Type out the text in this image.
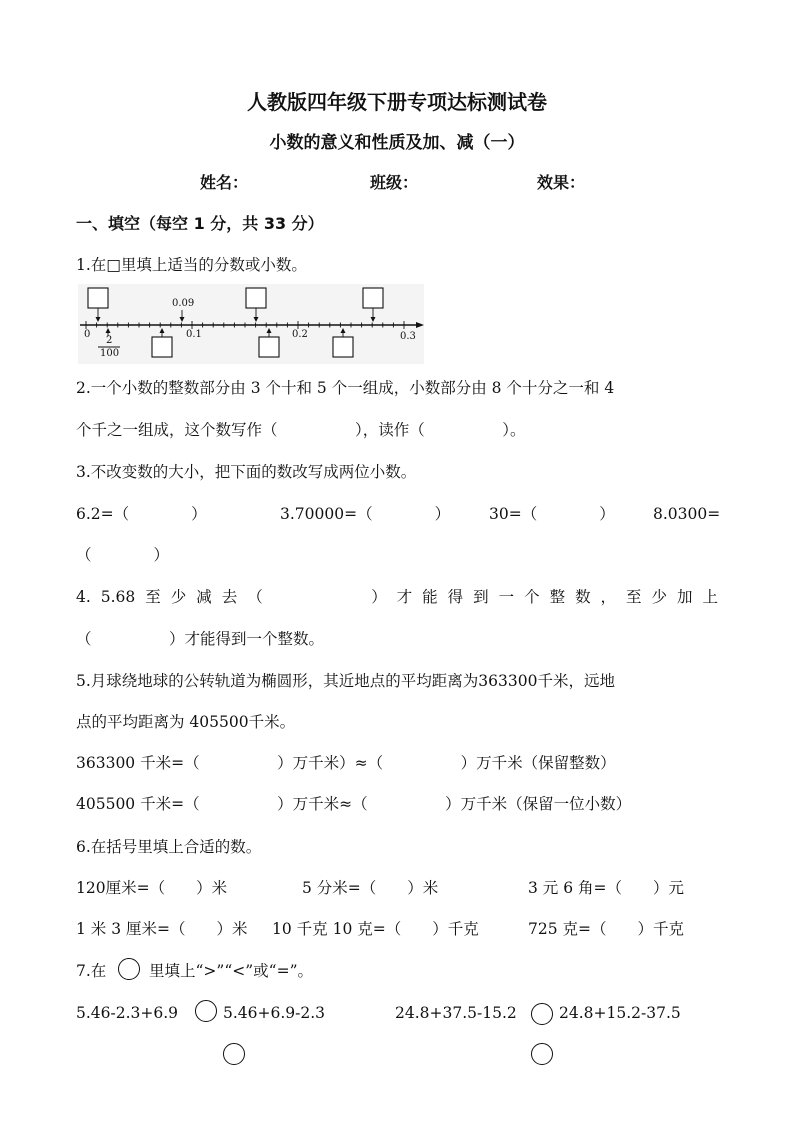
人教版四年级下册专项达标测试卷
小数的意义和性质及加、减（一）
姓名：	班级：	效果：
一、填空（每空 1 分，共 33 分）
1.在□里填上适当的分数或小数。
0
0.09
0.1	0.2	0.3
2
100
2.一个小数的整数部分由 3 个十和 5 个一组成，小数部分由 8 个十分之一和 4
个千之一组成，这个数写作（　　　　　），读作（　　　　　）。
3.不改变数的大小，把下面的数改写成两位小数。
6.2=（　　　　）	3.70000=（　　　　）	30=（　　　　） 8.0300=
（　　　　）
4. 5.68 至 少 减 去 （　　　　　　　） 才 能 得 到 一 个 整 数 ， 至 少 加 上
（　　　　　）才能得到一个整数。
5.月球绕地球的公转轨道为椭圆形，其近地点的平均距离为363300千米，远地
点的平均距离为 405500千米。
363300 千米=（　　　　　）万千米）≈（　　　　　）万千米（保留整数）
405500 千米=（　　　　　）万千米≈（　　　　　）万千米（保留一位小数）
6.在括号里填上合适的数。
120厘米=（　　）米	5 分米=（　　）米	3 元 6 角=（　　）元
1 米 3 厘米=（　　）米 10 千克 10 克=（　　）千克	725 克=（　　）千克
7.在	里填上“>”“<”或“=”。
5.46-2.3+6.9	5.46+6.9-2.3	24.8+37.5-15.2	24.8+15.2-37.5
